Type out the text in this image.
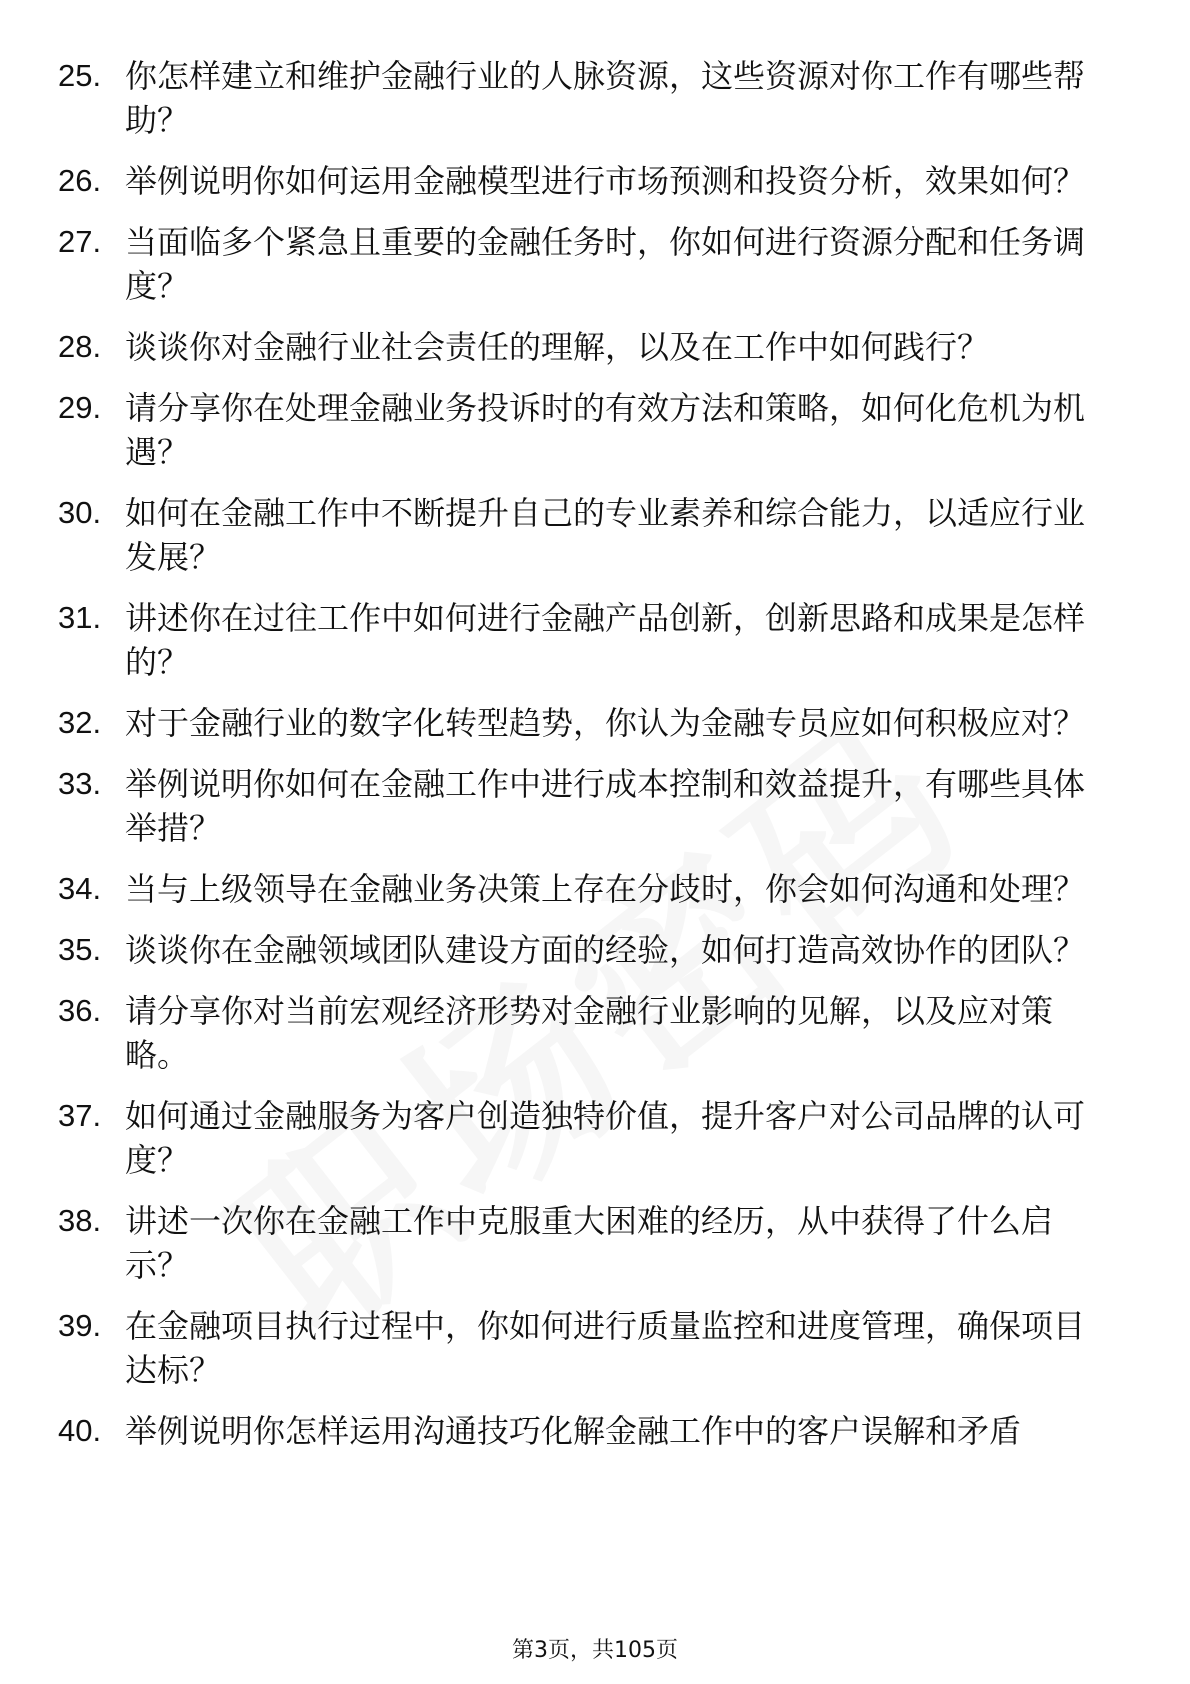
25. 你怎样建立和维护金融行业的人脉资源，这些资源对你工作有哪些帮助？
26. 举例说明你如何运用金融模型进行市场预测和投资分析，效果如何？
27. 当面临多个紧急且重要的金融任务时，你如何进行资源分配和任务调度？
28. 谈谈你对金融行业社会责任的理解，以及在工作中如何践行？
29. 请分享你在处理金融业务投诉时的有效方法和策略，如何化危机为机遇？
30. 如何在金融工作中不断提升自己的专业素养和综合能力，以适应行业发展？
31. 讲述你在过往工作中如何进行金融产品创新，创新思路和成果是怎样的？
32. 对于金融行业的数字化转型趋势，你认为金融专员应如何积极应对？
33. 举例说明你如何在金融工作中进行成本控制和效益提升，有哪些具体举措？
34. 当与上级领导在金融业务决策上存在分歧时，你会如何沟通和处理？
35. 谈谈你在金融领域团队建设方面的经验，如何打造高效协作的团队？
36. 请分享你对当前宏观经济形势对金融行业影响的见解，以及应对策略。
37. 如何通过金融服务为客户创造独特价值，提升客户对公司品牌的认可度？
38. 讲述一次你在金融工作中克服重大困难的经历，从中获得了什么启示？
39. 在金融项目执行过程中，你如何进行质量监控和进度管理，确保项目达标？
40. 举例说明你怎样运用沟通技巧化解金融工作中的客户误解和矛盾
第3页，共105页
